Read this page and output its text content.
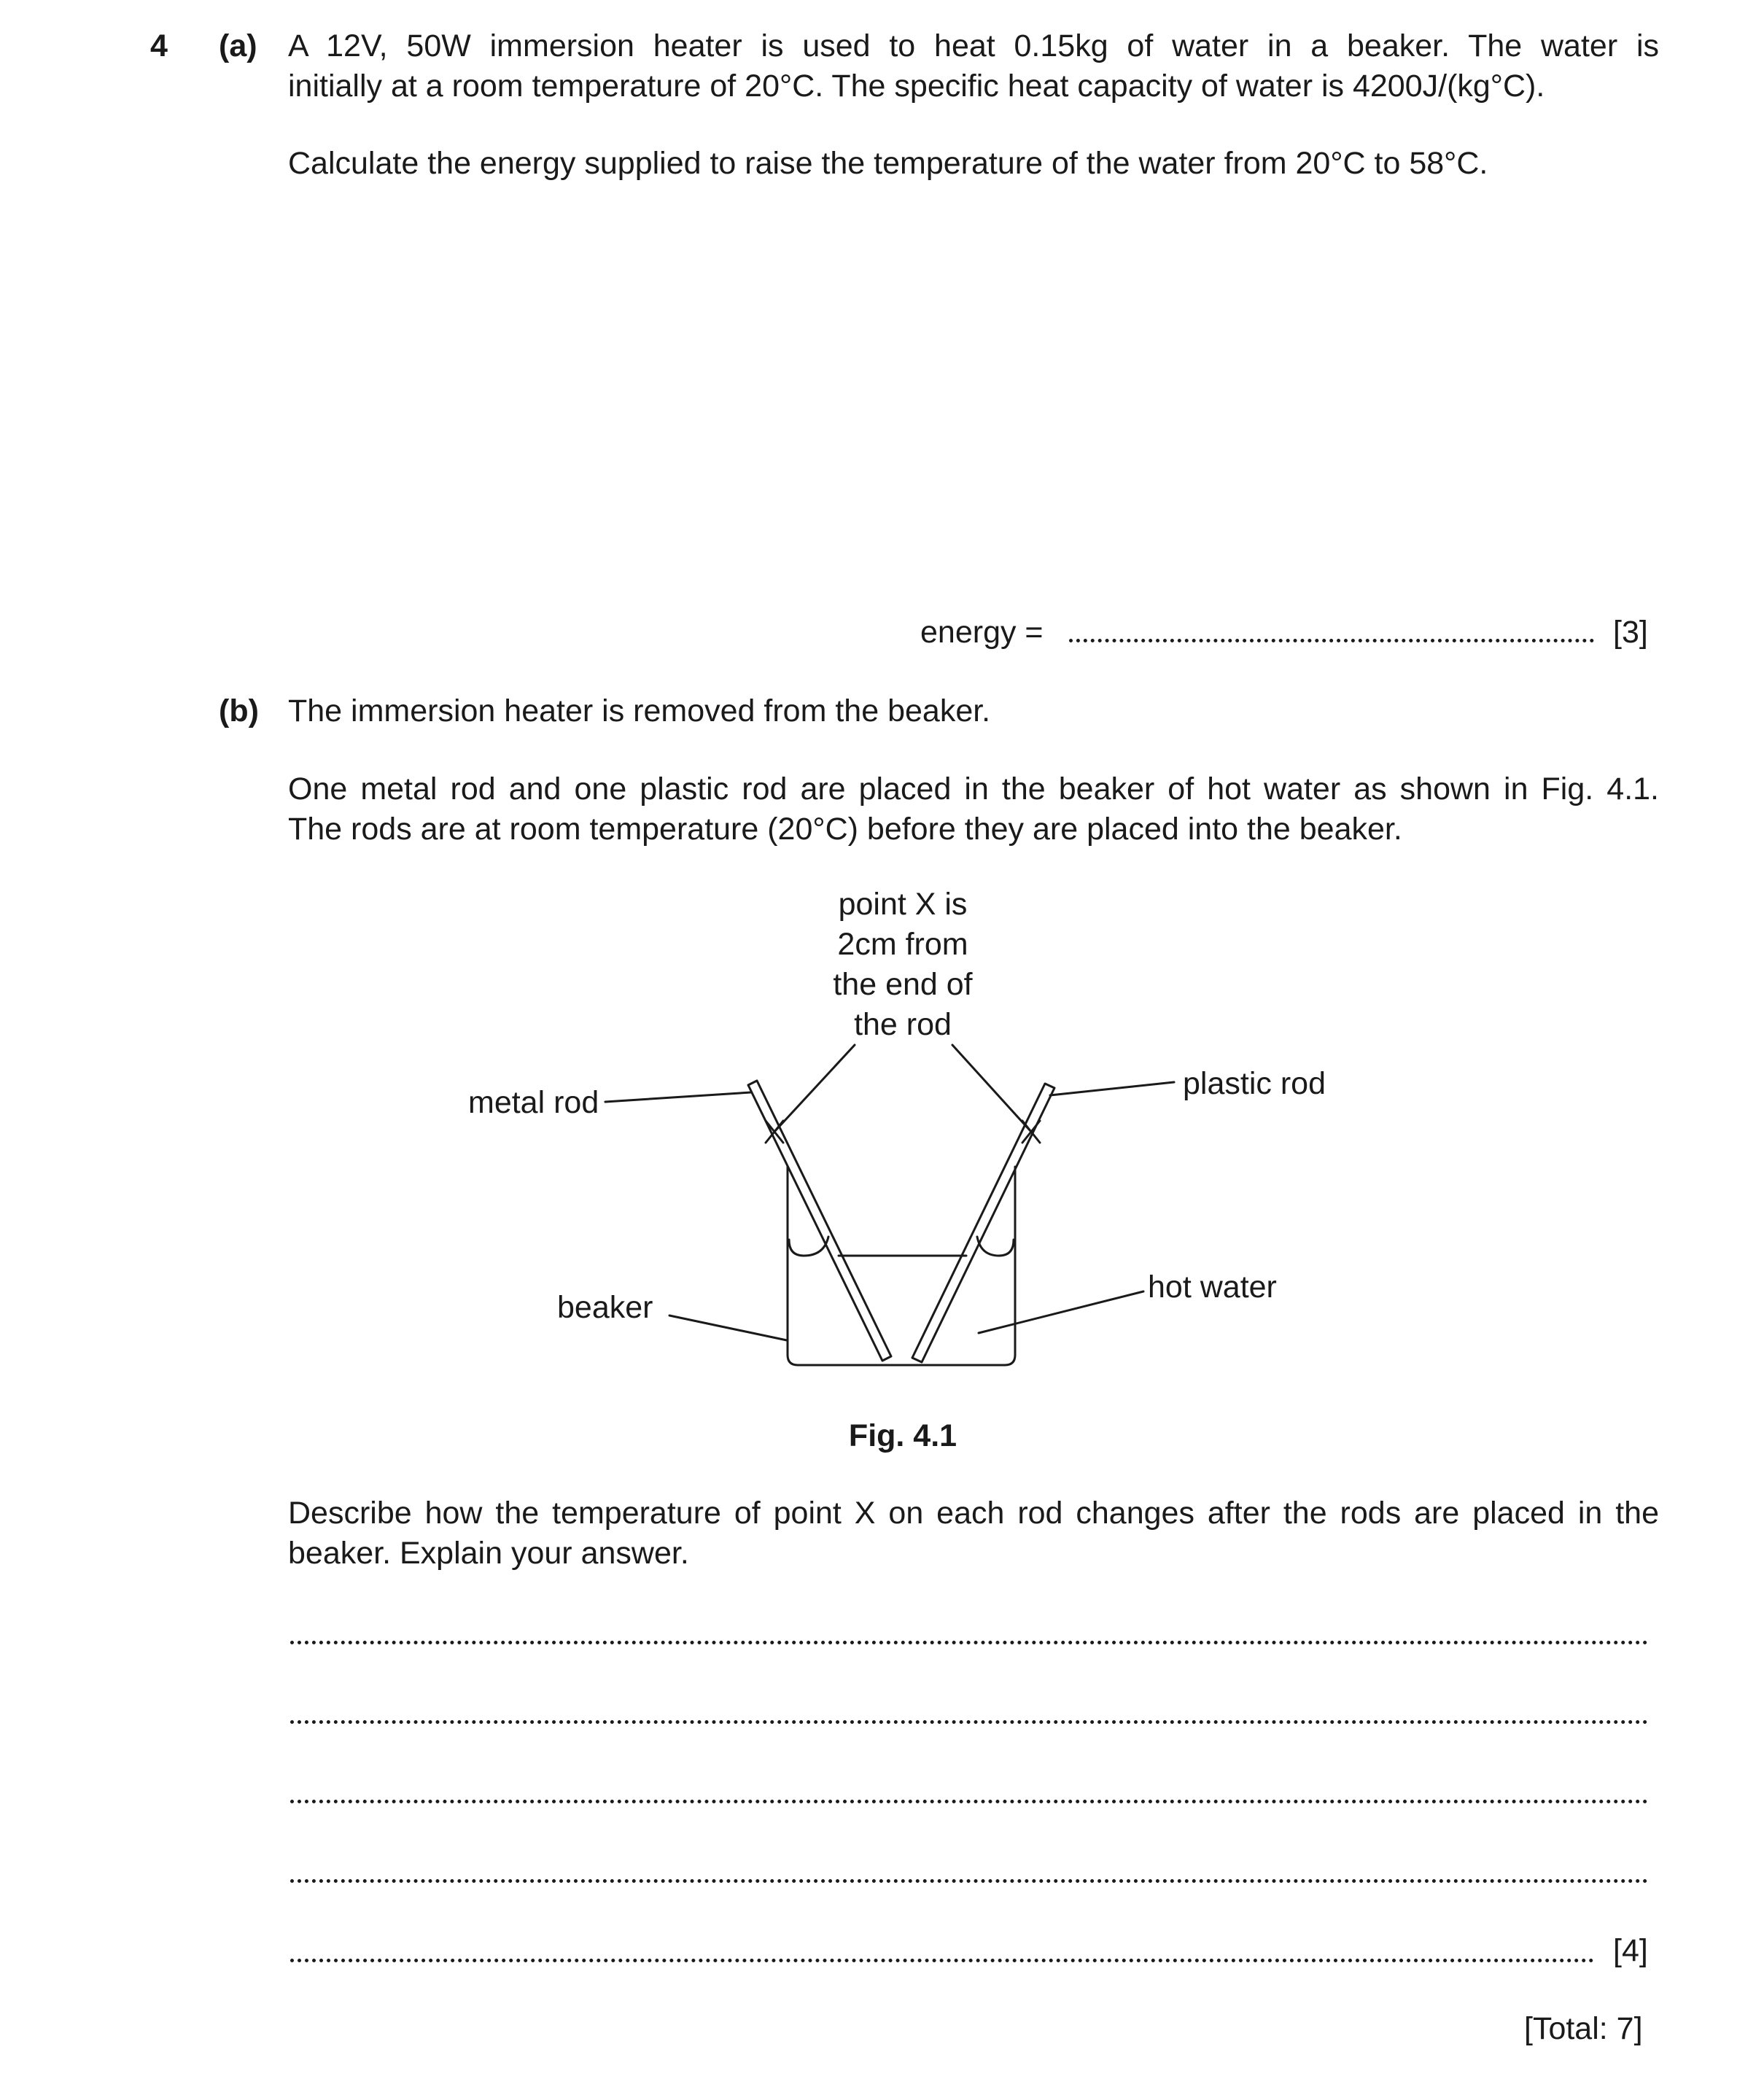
4 (a) A 12V, 50W immersion heater is used to heat 0.15kg of water in a beaker. The water is
initially at a room temperature of 20°C. The specific heat capacity of water is 4200J/(kg°C).
Calculate the energy supplied to raise the temperature of the water from 20°C to 58°C.
energy =	[3]
(b) The immersion heater is removed from the beaker.
One metal rod and one plastic rod are placed in the beaker of hot water as shown in Fig. 4.1.
The rods are at room temperature (20°C) before they are placed into the beaker.
point X is
2cm from
the end of
the rod
metal rod
plastic rod
beaker
hot water
Fig. 4.1
Describe how the temperature of point X on each rod changes after the rods are placed in the
beaker. Explain your answer.
[4]
[Total: 7]
